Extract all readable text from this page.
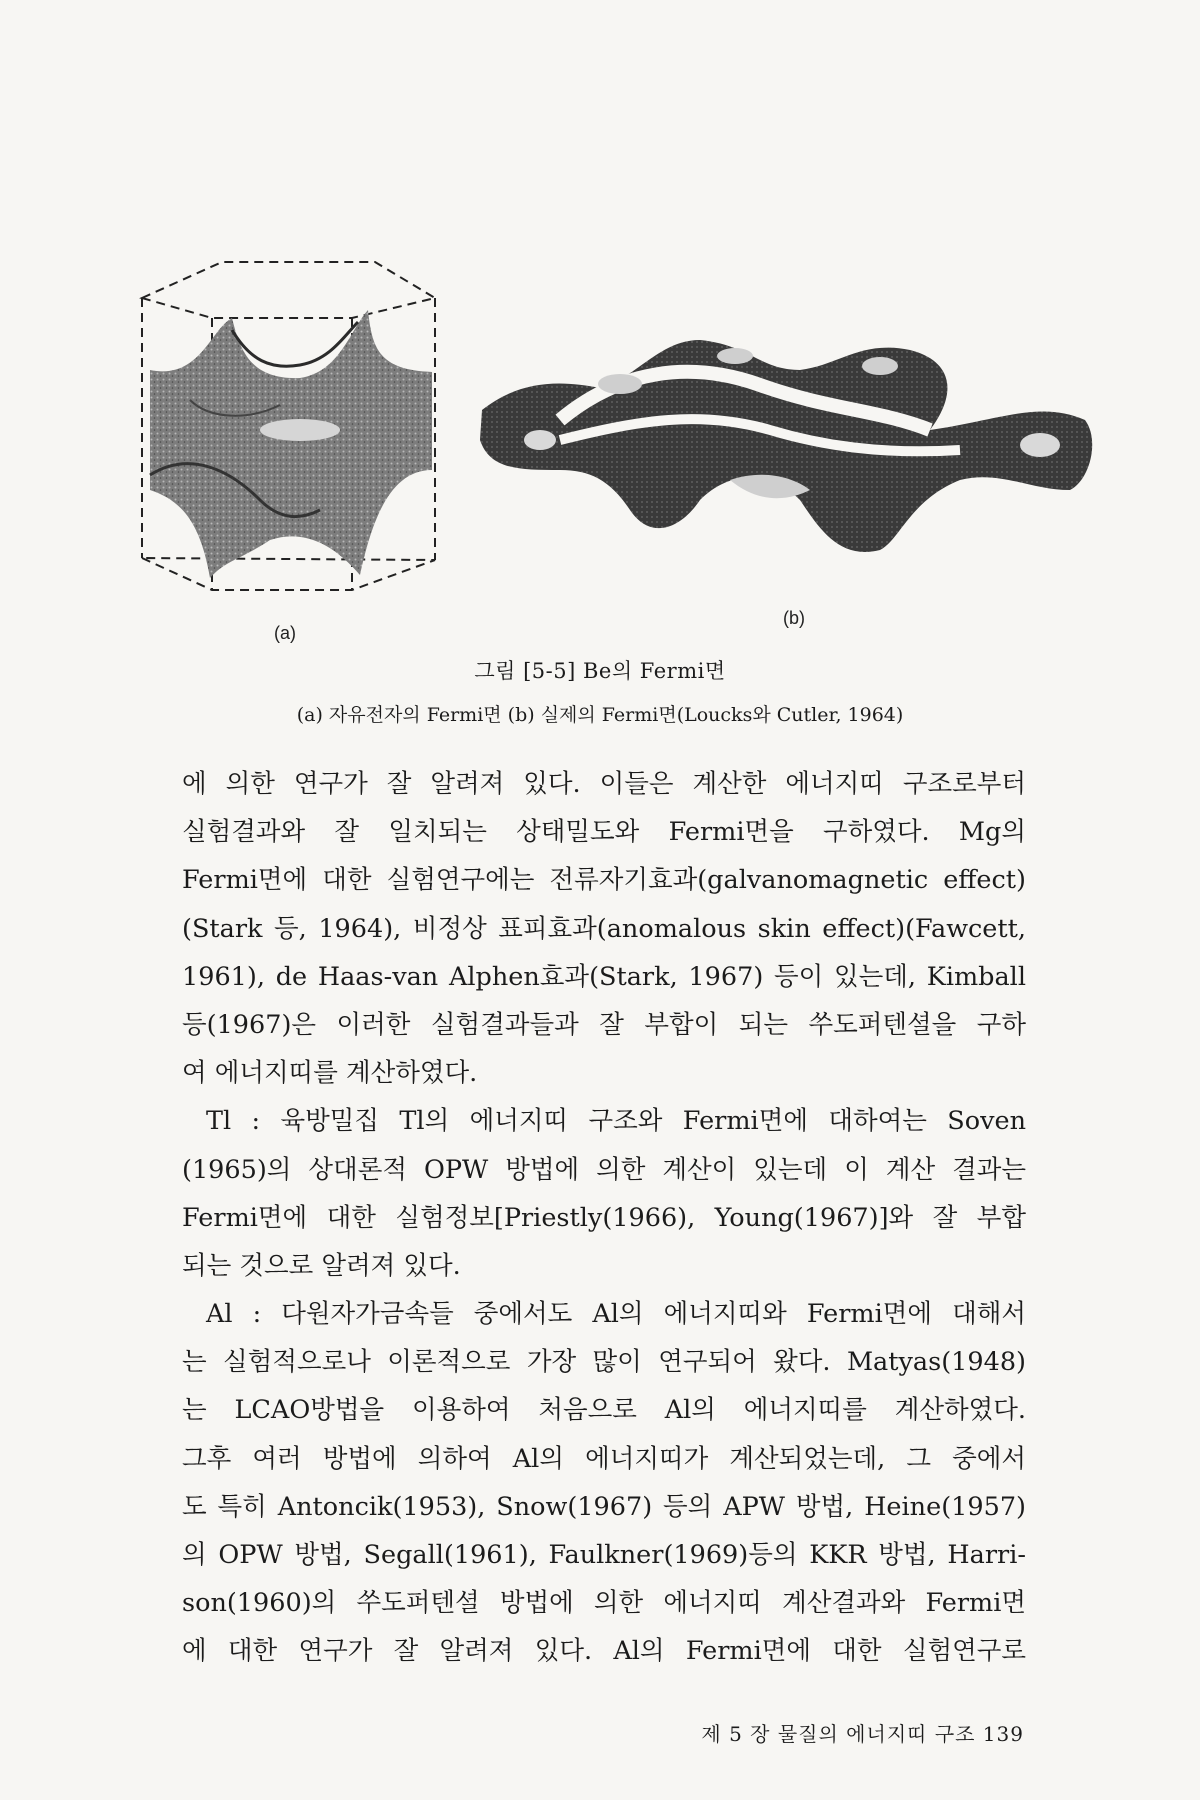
(a)
(b)
그림 [5-5] Be의 Fermi면
(a) 자유전자의 Fermi면 (b) 실제의 Fermi면(Loucks와 Cutler, 1964)
에 의한 연구가 잘 알려져 있다. 이들은 계산한 에너지띠 구조로부터
실험결과와 잘 일치되는 상태밀도와 Fermi면을 구하였다. Mg의
Fermi면에 대한 실험연구에는 전류자기효과(galvanomagnetic effect)
(Stark 등, 1964), 비정상 표피효과(anomalous skin effect)(Fawcett,
1961), de Haas-van Alphen효과(Stark, 1967) 등이 있는데, Kimball
등(1967)은 이러한 실험결과들과 잘 부합이 되는 쑤도퍼텐셜을 구하
여 에너지띠를 계산하였다.
Tl : 육방밀집 Tl의 에너지띠 구조와 Fermi면에 대하여는 Soven
(1965)의 상대론적 OPW 방법에 의한 계산이 있는데 이 계산 결과는
Fermi면에 대한 실험정보[Priestly(1966), Young(1967)]와 잘 부합
되는 것으로 알려져 있다.
Al : 다원자가금속들 중에서도 Al의 에너지띠와 Fermi면에 대해서
는 실험적으로나 이론적으로 가장 많이 연구되어 왔다. Matyas(1948)
는 LCAO방법을 이용하여 처음으로 Al의 에너지띠를 계산하였다.
그후 여러 방법에 의하여 Al의 에너지띠가 계산되었는데, 그 중에서
도 특히 Antoncik(1953), Snow(1967) 등의 APW 방법, Heine(1957)
의 OPW 방법, Segall(1961), Faulkner(1969)등의 KKR 방법, Harri-
son(1960)의 쑤도퍼텐셜 방법에 의한 에너지띠 계산결과와 Fermi면
에 대한 연구가 잘 알려져 있다. Al의 Fermi면에 대한 실험연구로
제 5 장 물질의 에너지띠 구조 139
